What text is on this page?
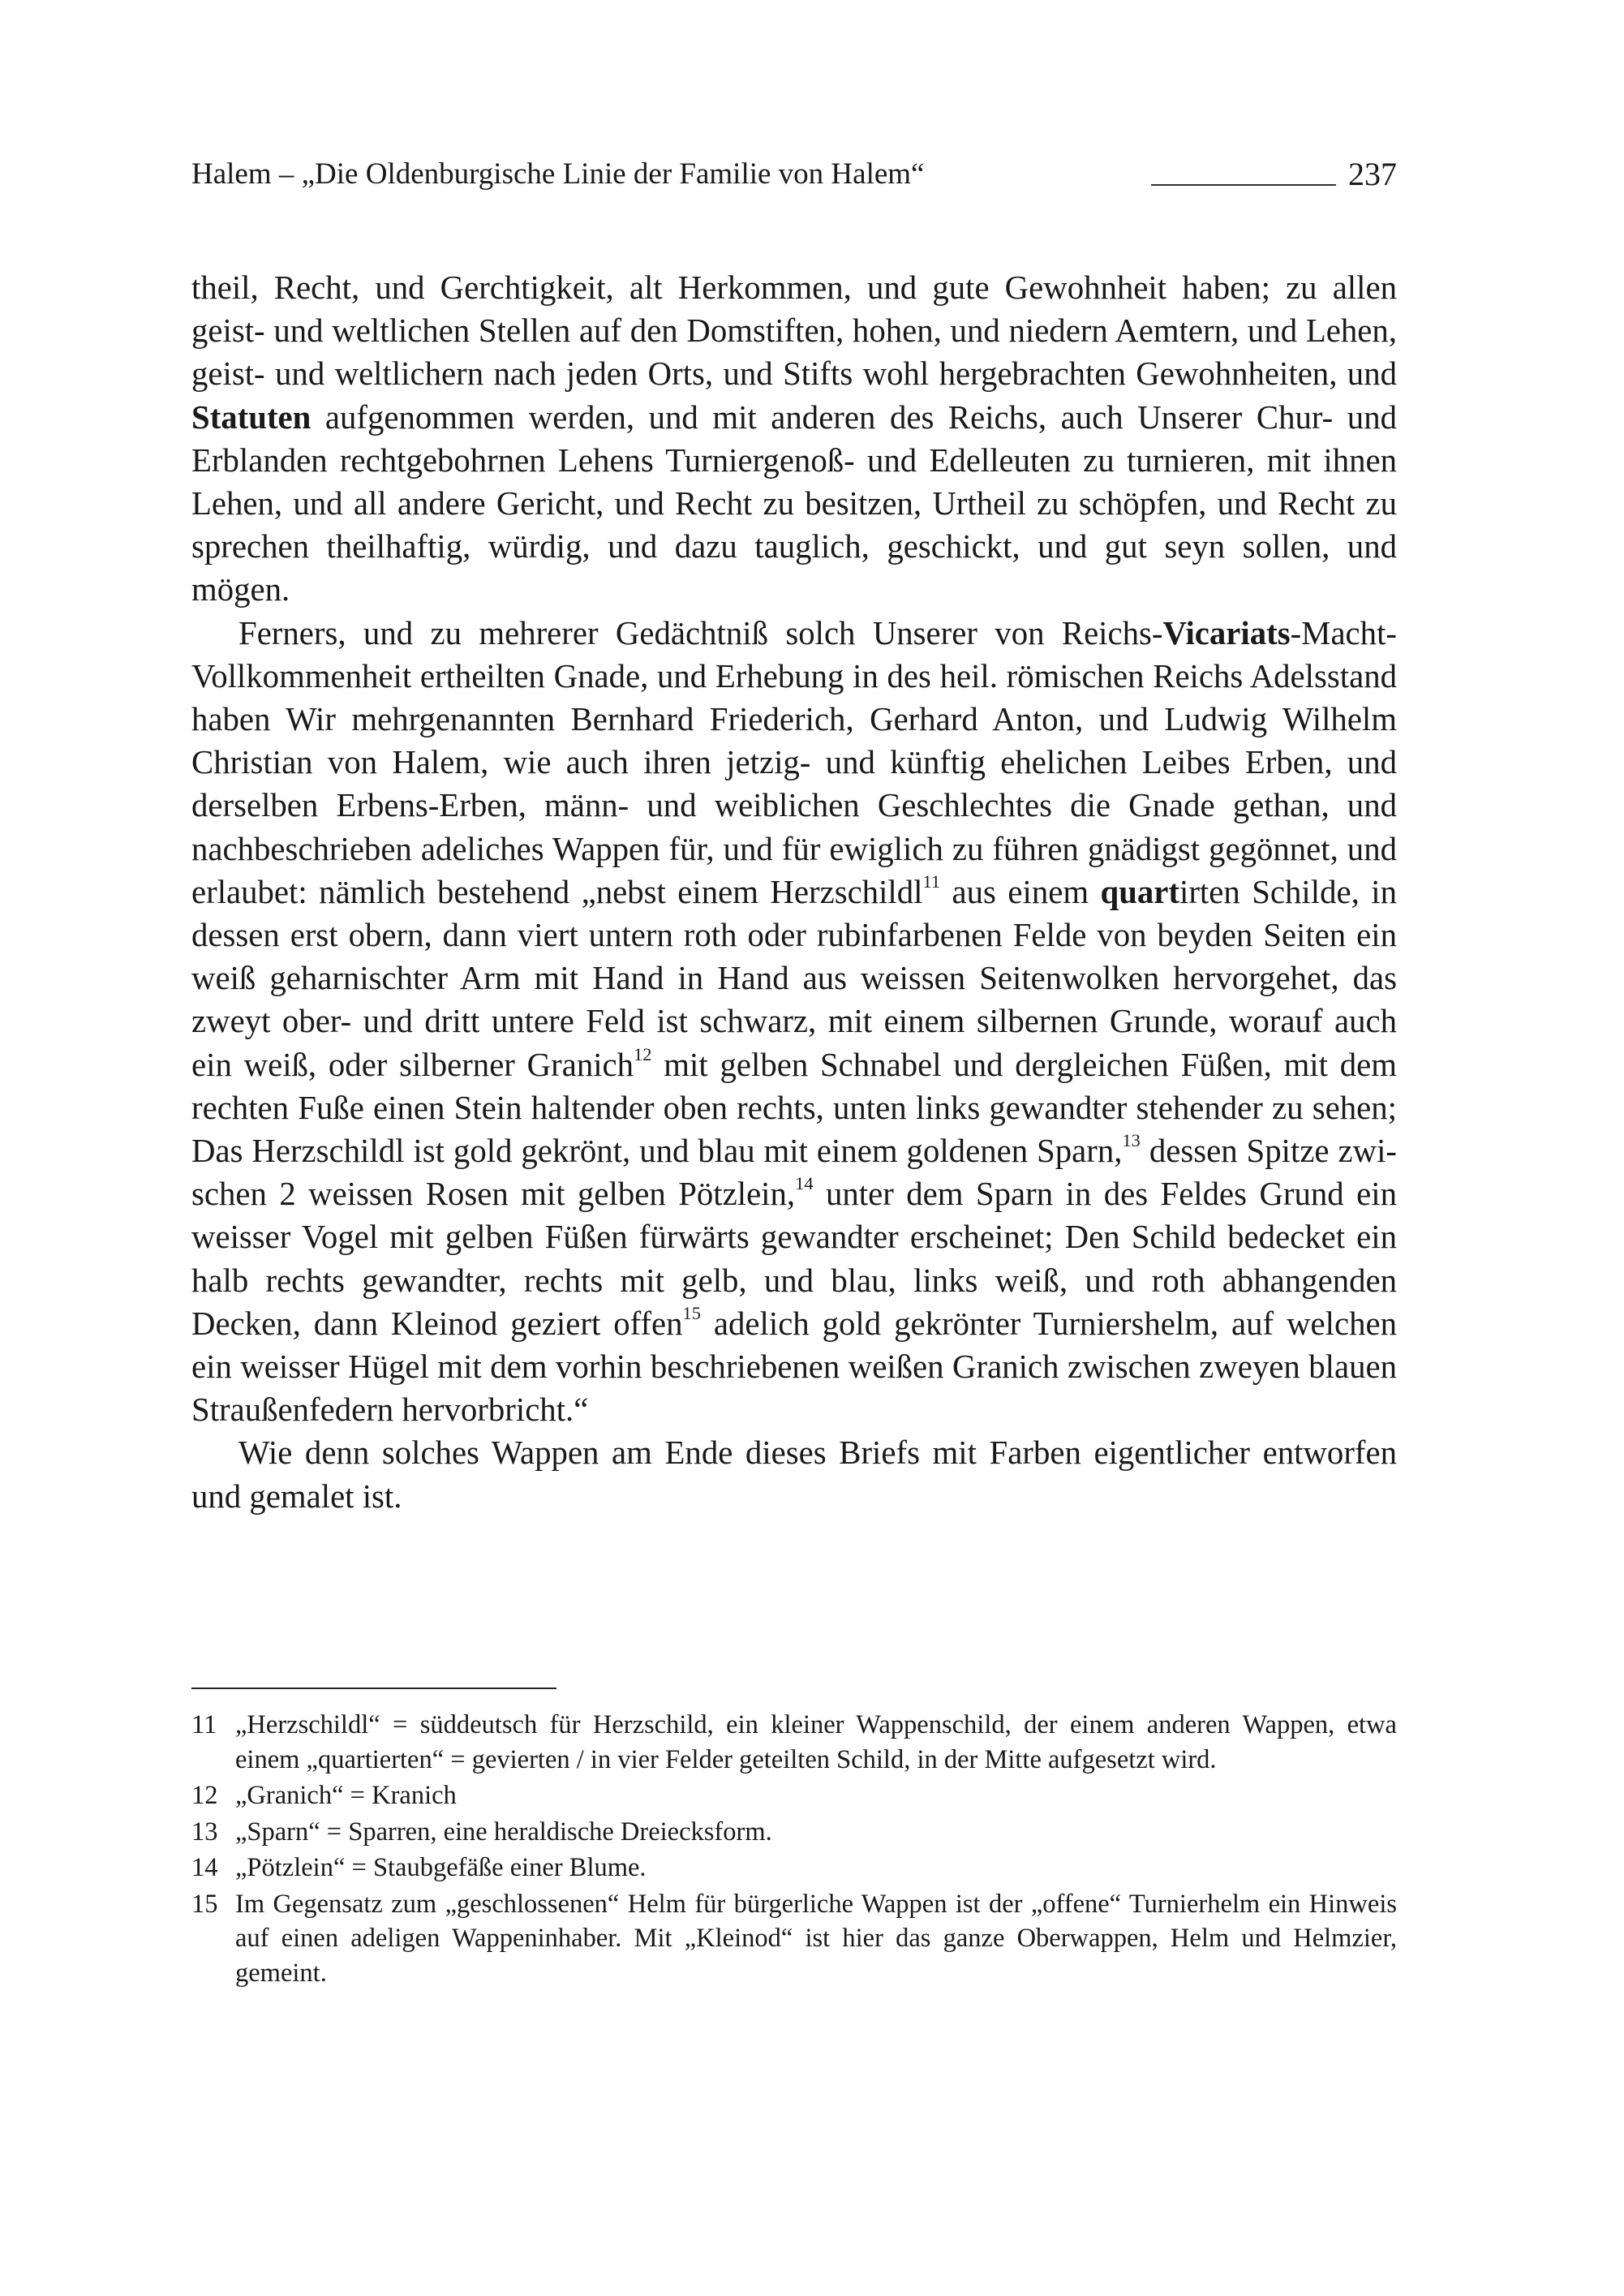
Halem – „Die Oldenburgische Linie der Familie von Halem“	237

theil, Recht, und Gerchtigkeit, alt Herkommen, und gute Gewohnheit haben; zu allen geist- und weltlichen Stellen auf den Domstiften, hohen, und niedern Aemtern, und Lehen, geist- und weltlichern nach jeden Orts, und Stifts wohl hergebrachten Gewohnheiten, und Statuten aufgenommen werden, und mit anderen des Reichs, auch Unserer Chur- und Erblanden rechtgebohrnen Lehens Turniergenoß- und Edelleuten zu turnieren, mit ihnen Lehen, und all andere Gericht, und Recht zu besitzen, Urtheil zu schöpfen, und Recht zu sprechen theilhaftig, würdig, und dazu tauglich, geschickt, und gut seyn sollen, und mögen.

Ferners, und zu mehrerer Gedächtniß solch Unserer von Reichs-Vicariats-Macht-Vollkommenheit ertheilten Gnade, und Erhebung in des heil. römischen Reichs Adelsstand haben Wir mehrgenannten Bernhard Friederich, Gerhard Anton, und Ludwig Wilhelm Christian von Halem, wie auch ihren jetzig- und künftig ehelichen Leibes Erben, und derselben Erbens-Erben, männ- und weiblichen Geschlechtes die Gnade gethan, und nachbeschrieben adeliches Wappen für, und für ewiglich zu führen gnädigst gegönnet, und erlaubet: nämlich bestehend „nebst einem Herzschildl$^{11}$ aus einem quartirten Schilde, in dessen erst obern, dann viert untern roth oder rubinfarbenen Felde von beyden Seiten ein weiß geharnischter Arm mit Hand in Hand aus weissen Seitenwolken hervorgehet, das zweyt ober- und dritt untere Feld ist schwarz, mit einem silbernen Grunde, worauf auch ein weiß, oder silberner Granich$^{12}$ mit gelben Schnabel und dergleichen Füßen, mit dem rechten Fuße einen Stein haltender oben rechts, unten links gewandter stehender zu sehen; Das Herzschildl ist gold gekrönt, und blau mit einem goldenen Sparn,$^{13}$ dessen Spitze zwischen 2 weissen Rosen mit gelben Pötzlein,$^{14}$ unter dem Sparn in des Feldes Grund ein weisser Vogel mit gelben Füßen fürwärts gewandter erscheinet; Den Schild bedecket ein halb rechts gewandter, rechts mit gelb, und blau, links weiß, und roth abhangenden Decken, dann Kleinod geziert offen$^{15}$ adelich gold gekrönter Turniershelm, auf welchen ein weisser Hügel mit dem vorhin beschriebenen weißen Granich zwischen zweyen blauen Straußenfedern hervorbricht.“

Wie denn solches Wappen am Ende dieses Briefs mit Farben eigentlicher entworfen und gemalet ist.

11 „Herzschildl“ = süddeutsch für Herzschild, ein kleiner Wappenschild, der einem anderen Wappen, etwa einem „quartierten“ = gevierten / in vier Felder geteilten Schild, in der Mitte aufgesetzt wird.
12 „Granich“ = Kranich
13 „Sparn“ = Sparren, eine heraldische Dreiecksform.
14 „Pötzlein“ = Staubgefäße einer Blume.
15 Im Gegensatz zum „geschlossenen“ Helm für bürgerliche Wappen ist der „offene“ Turnierhelm ein Hinweis auf einen adeligen Wappeninhaber. Mit „Kleinod“ ist hier das ganze Oberwappen, Helm und Helmzier, gemeint.
